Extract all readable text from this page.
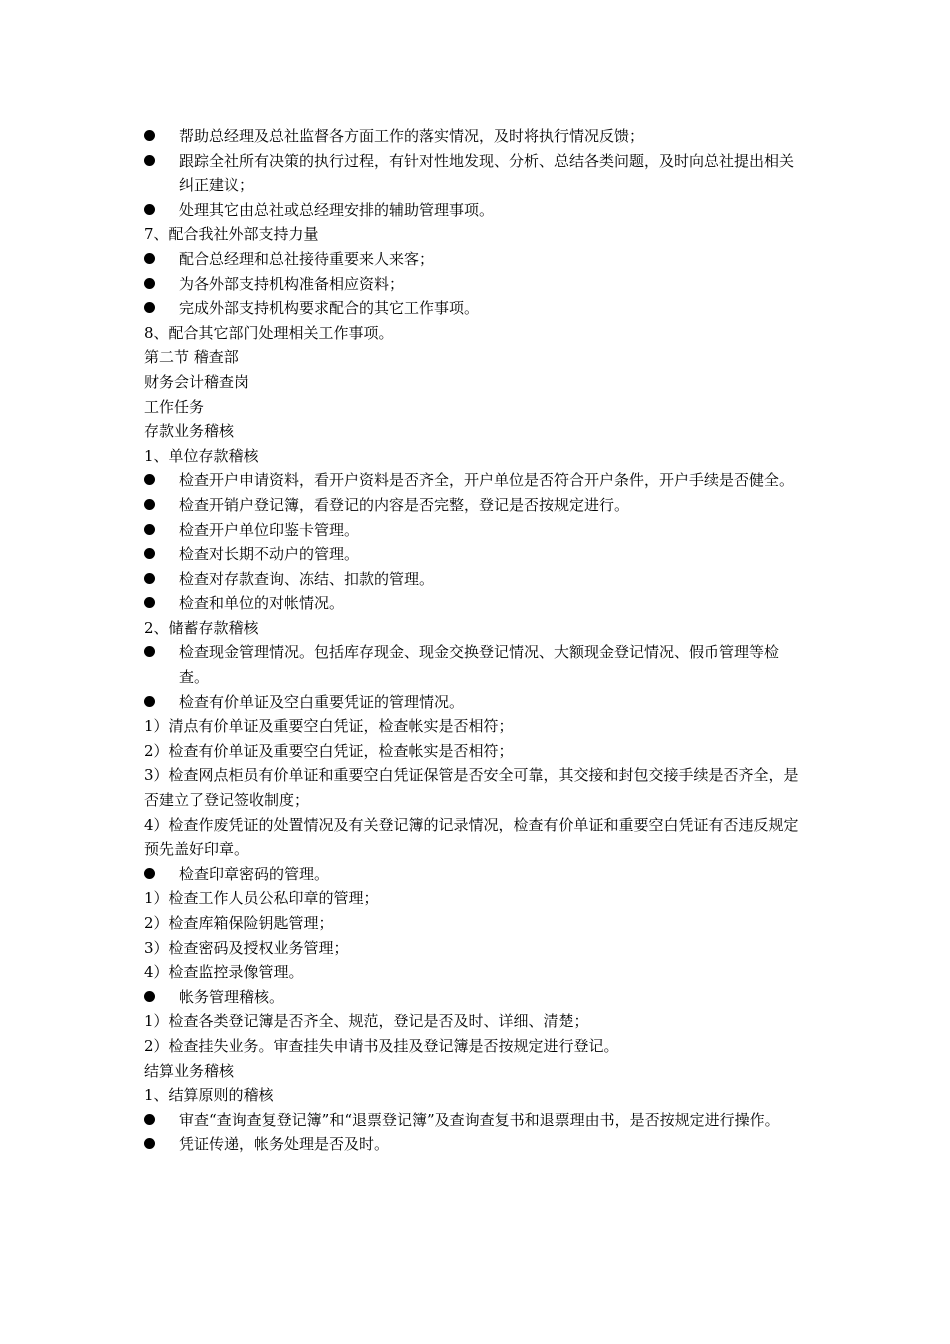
帮助总经理及总社监督各方面工作的落实情况，及时将执行情况反馈；
跟踪全社所有决策的执行过程，有针对性地发现、分析、总结各类问题，及时向总社提出相关纠正建议；
处理其它由总社或总经理安排的辅助管理事项。
7、配合我社外部支持力量
配合总经理和总社接待重要来人来客；
为各外部支持机构准备相应资料；
完成外部支持机构要求配合的其它工作事项。
8、配合其它部门处理相关工作事项。
第二节 稽查部
财务会计稽查岗
工作任务
存款业务稽核
1、单位存款稽核
检查开户申请资料，看开户资料是否齐全，开户单位是否符合开户条件，开户手续是否健全。
检查开销户登记簿，看登记的内容是否完整，登记是否按规定进行。
检查开户单位印鉴卡管理。
检查对长期不动户的管理。
检查对存款查询、冻结、扣款的管理。
检查和单位的对帐情况。
2、储蓄存款稽核
检查现金管理情况。包括库存现金、现金交换登记情况、大额现金登记情况、假币管理等检查。
检查有价单证及空白重要凭证的管理情况。
1）清点有价单证及重要空白凭证，检查帐实是否相符；
2）检查有价单证及重要空白凭证，检查帐实是否相符；
3）检查网点柜员有价单证和重要空白凭证保管是否安全可靠，其交接和封包交接手续是否齐全，是否建立了登记签收制度；
4）检查作废凭证的处置情况及有关登记簿的记录情况，检查有价单证和重要空白凭证有否违反规定预先盖好印章。
检查印章密码的管理。
1）检查工作人员公私印章的管理；
2）检查库箱保险钥匙管理；
3）检查密码及授权业务管理；
4）检查监控录像管理。
帐务管理稽核。
1）检查各类登记簿是否齐全、规范，登记是否及时、详细、清楚；
2）检查挂失业务。审查挂失申请书及挂及登记簿是否按规定进行登记。
结算业务稽核
1、结算原则的稽核
审查“查询查复登记簿”和“退票登记簿”及查询查复书和退票理由书，是否按规定进行操作。
凭证传递，帐务处理是否及时。
